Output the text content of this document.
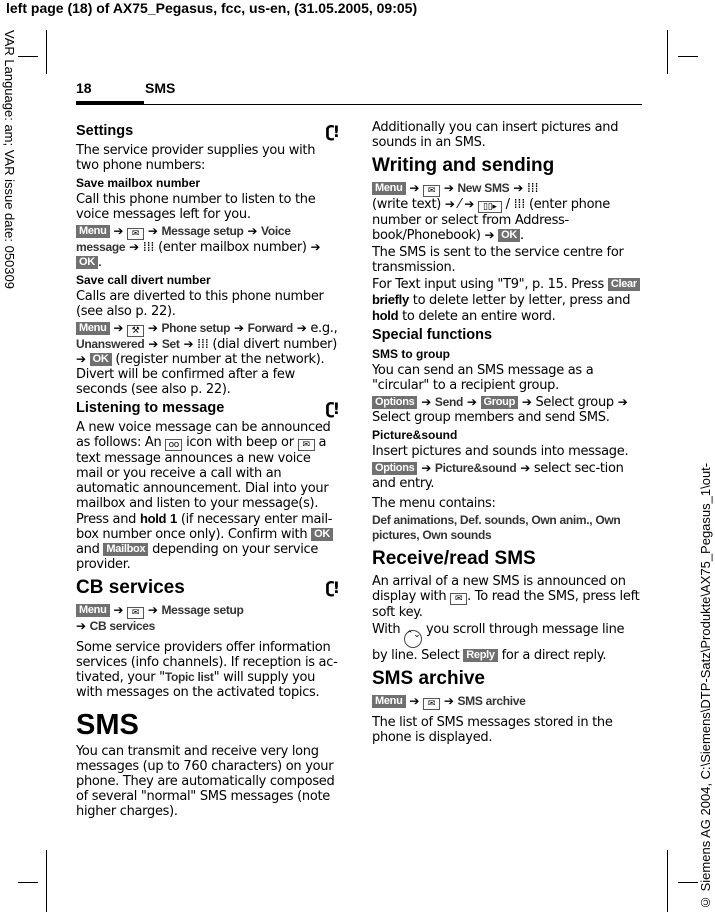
left page (18) of AX75_Pegasus, fcc, us-en, (31.05.2005, 09:05)
VAR Language: am; VAR issue date: 050309
© Siemens AG 2004, C:\Siemens\DTP-Satz\Produkte\AX75_Pegasus_1\out-
18	SMS
Settings	ʗ!

The service provider supplies you with two phone numbers:

Save mailbox number

Call this phone number to listen to the voice messages left for you.

Menu ➔ ✉ ➔ Message setup ➔ Voice message ➔ ⁞⁞⁞ (enter mailbox number) ➔ OK .

Save call divert number

Calls are diverted to this phone number (see also p. 22).

Menu ➔ ⚒ ➔ Phone setup ➔ Forward ➔ e.g., Unanswered ➔ Set ➔ ⁞⁞⁞ (dial divert number) ➔ OK (register number at the network). Divert will be confirmed after a few seconds (see also p. 22).

Listening to message	ʗ!

A new voice message can be announced as follows: An oo icon with beep or ✉ a text message announces a new voice mail or you receive a call with an automatic announcement. Dial into your mailbox and listen to your message(s). Press and hold 1 (if necessary enter mail-box number once only). Confirm with OK and Mailbox depending on your service provider.

CB services	ʗ!

Menu ➔ ✉ ➔ Message setup
➔ CB services

Some service providers offer information services (info channels). If reception is ac-tivated, your "Topic list" will supply you with messages on the activated topics.

SMS

You can transmit and receive very long messages (up to 760 characters) on your phone. They are automatically composed of several "normal" SMS messages (note higher charges).

Additionally you can insert pictures and sounds in an SMS.

Writing and sending

Menu ➔ ✉ ➔ New SMS ➔ ⁞⁞⁞
(write text) ➔ ⁄ ➔ ▯▯▸ / ⁞⁞⁞ (enter phone number or select from Address-book/Phonebook) ➔ OK .

The SMS is sent to the service centre for transmission.

For Text input using "T9", p. 15. Press Clear briefly to delete letter by letter, press and hold to delete an entire word.

Special functions
SMS to group

You can send an SMS message as a "circular" to a recipient group.

Options ➔ Send ➔ Group ➔ Select group ➔ Select group members and send SMS.

Picture&sound

Insert pictures and sounds into message.

Options ➔ Picture&sound ➔ select sec-tion and entry.

The menu contains:

Def animations, Def. sounds, Own anim., Own pictures, Own sounds

Receive/read SMS

An arrival of a new SMS is announced on display with ✉ . To read the SMS, press left soft key.

With ⌃⌄ you scroll through message line by line. Select Reply for a direct reply.

SMS archive

Menu ➔ ✉ ➔ SMS archive

The list of SMS messages stored in the phone is displayed.
